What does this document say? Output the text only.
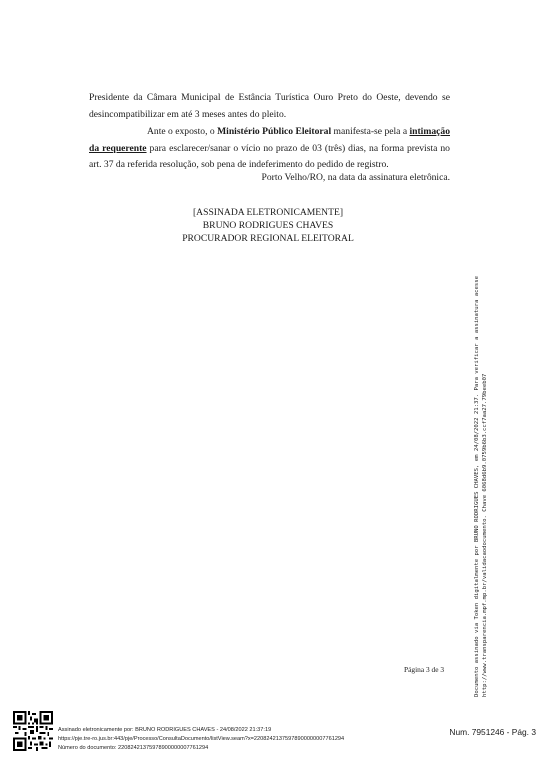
Presidente da Câmara Municipal de Estância Turística Ouro Preto do Oeste, devendo se desincompatibilizar em até 3 meses antes do pleito.

Ante o exposto, o Ministério Público Eleitoral manifesta-se pela a intimação da requerente para esclarecer/sanar o vício no prazo de 03 (três) dias, na forma prevista no art. 37 da referida resolução, sob pena de indeferimento do pedido de registro.

Porto Velho/RO, na data da assinatura eletrônica.
[ASSINADA ELETRONICAMENTE]
BRUNO RODRIGUES CHAVES
PROCURADOR REGIONAL ELEITORAL
Documento assinado via Token digitalmente por BRUNO RODRIGUES CHAVES, em 24/08/2022 21:37. Para verificar a assinatura acesse http://www.transparencia.mpf.mp.br/validacaodocumento. Chave 6068d6b9.0759b6b3.ccf7aa27.79beeb07
Página 3 de 3
Assinado eletronicamente por: BRUNO RODRIGUES CHAVES - 24/08/2022 21:37:19
https://pje.tre-ro.jus.br:443/pje/Processo/ConsultaDocumento/listView.seam?x=22082421375978900000007761294
Número do documento: 22082421375978900000007761294
Num. 7951246 - Pág. 3
